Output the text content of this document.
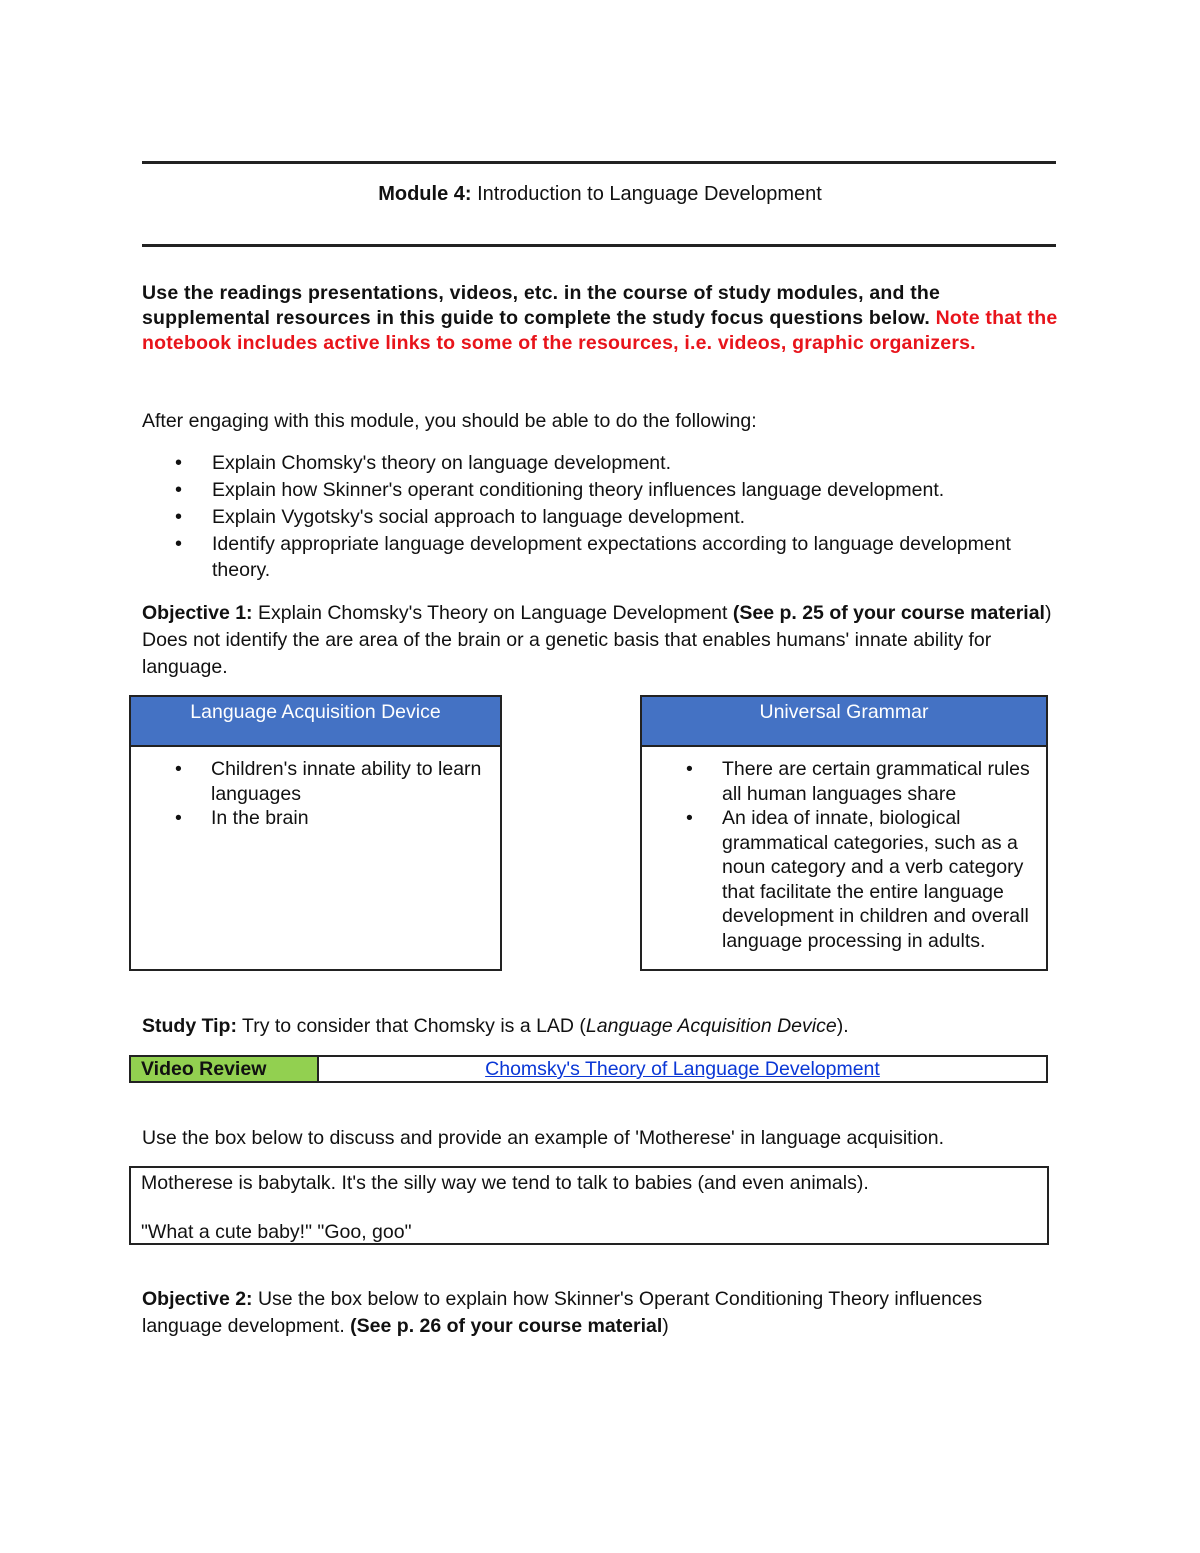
Module 4: Introduction to Language Development
Use the readings presentations, videos, etc. in the course of study modules, and the supplemental resources in this guide to complete the study focus questions below. Note that the notebook includes active links to some of the resources, i.e. videos, graphic organizers.
After engaging with this module, you should be able to do the following:
• Explain Chomsky's theory on language development.
• Explain how Skinner's operant conditioning theory influences language development.
• Explain Vygotsky's social approach to language development.
• Identify appropriate language development expectations according to language development theory.
Objective 1: Explain Chomsky's Theory on Language Development (See p. 25 of your course material) Does not identify the are area of the brain or a genetic basis that enables humans' innate ability for language.
Language Acquisition Device
• Children's innate ability to learn languages
• In the brain
Universal Grammar
• There are certain grammatical rules all human languages share
• An idea of innate, biological grammatical categories, such as a noun category and a verb category that facilitate the entire language development in children and overall language processing in adults.
Study Tip: Try to consider that Chomsky is a LAD (Language Acquisition Device).
Video Review	Chomsky's Theory of Language Development
Use the box below to discuss and provide an example of 'Motherese' in language acquisition.
Motherese is babytalk. It's the silly way we tend to talk to babies (and even animals).
"What a cute baby!" "Goo, goo"
Objective 2: Use the box below to explain how Skinner's Operant Conditioning Theory influences language development. (See p. 26 of your course material)
